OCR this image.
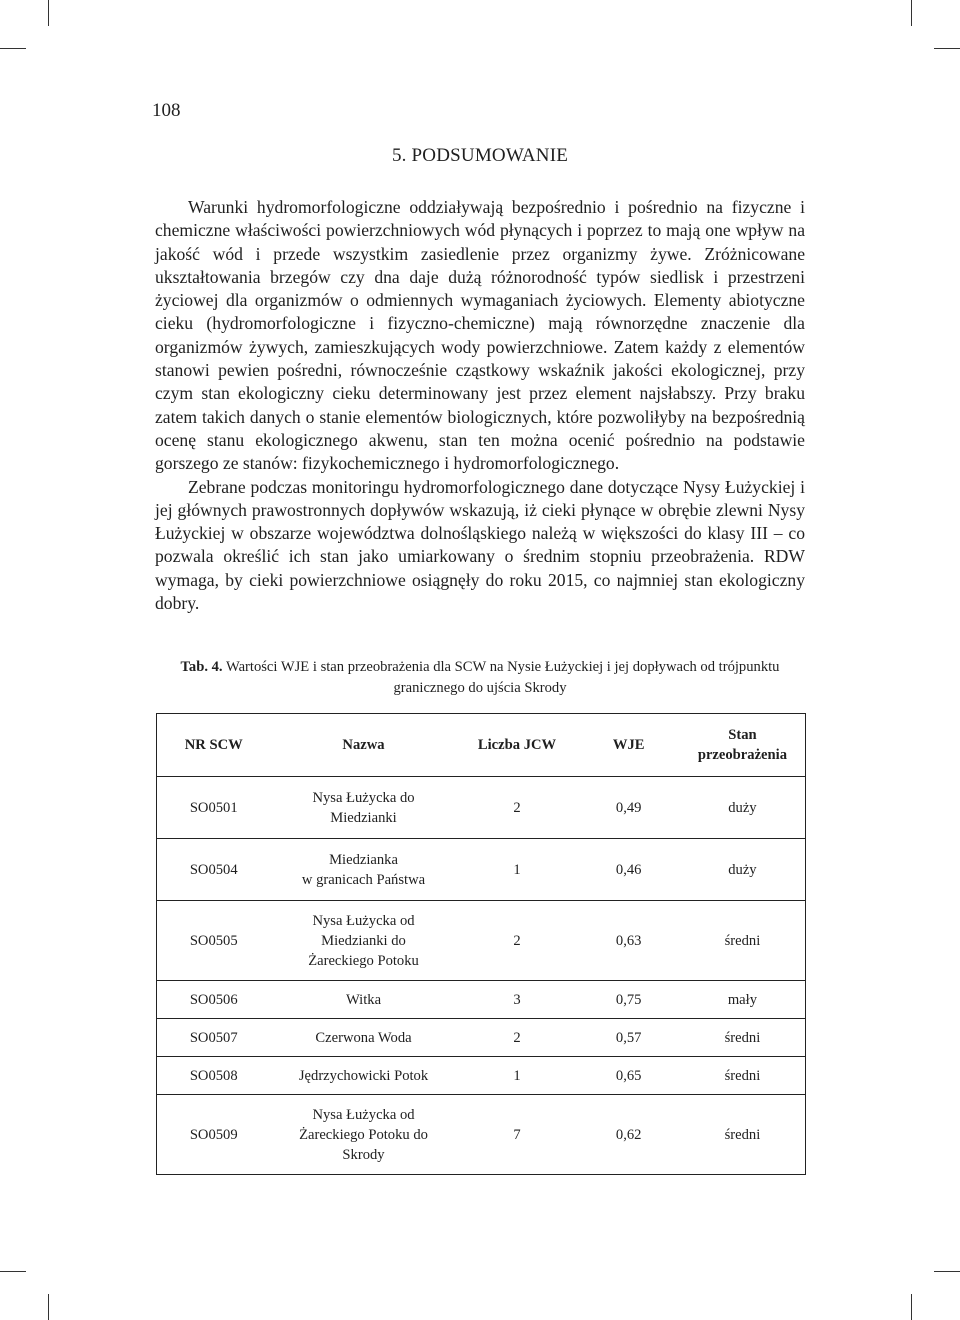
108
5. PODSUMOWANIE

Warunki hydromorfologiczne oddziaływają bezpośrednio i pośrednio na fizyczne i chemiczne właściwości powierzchniowych wód płynących i poprzez to mają one wpływ na jakość wód i przede wszystkim zasiedlenie przez organizmy żywe. Zróżnicowane ukształtowania brzegów czy dna daje dużą różnorodność typów siedlisk i przestrzeni życiowej dla organizmów o odmiennych wymaganiach życiowych. Elementy abiotyczne cieku (hydromorfologiczne i fizyczno-chemiczne) mają równorzędne znaczenie dla organizmów żywych, zamieszkujących wody powierzchniowe. Zatem każdy z elementów stanowi pewien pośredni, równocześnie cząstkowy wskaźnik jakości ekologicznej, przy czym stan ekologiczny cieku determinowany jest przez element najsłabszy. Przy braku zatem takich danych o stanie elementów biologicznych, które pozwoliłyby na bezpośrednią ocenę stanu ekologicznego akwenu, stan ten można ocenić pośrednio na podstawie gorszego ze stanów: fizykochemicznego i hydromorfologicznego.

Zebrane podczas monitoringu hydromorfologicznego dane dotyczące Nysy Łużyckiej i jej głównych prawostronnych dopływów wskazują, iż cieki płynące w obrębie zlewni Nysy Łużyckiej w obszarze województwa dolnośląskiego należą w większości do klasy III – co pozwala określić ich stan jako umiarkowany o średnim stopniu przeobrażenia. RDW wymaga, by cieki powierzchniowe osiągnęły do roku 2015, co najmniej stan ekologiczny dobry.

Tab. 4. Wartości WJE i stan przeobrażenia dla SCW na Nysie Łużyckiej i jej dopływach od trójpunktu granicznego do ujścia Skrody
NR SCW	Nazwa	Liczba JCW	WJE	Stan
przeobrażenia
SO0501	Nysa Łużycka do
Miedzianki	2	0,49	duży
SO0504	Miedzianka
w granicach Państwa	1	0,46	duży
SO0505	Nysa Łużycka od
Miedzianki do
Żareckiego Potoku	2	0,63	średni
SO0506	Witka	3	0,75	mały
SO0507	Czerwona Woda	2	0,57	średni
SO0508	Jędrzychowicki Potok	1	0,65	średni
SO0509	Nysa Łużycka od
Żareckiego Potoku do
Skrody	7	0,62	średni
